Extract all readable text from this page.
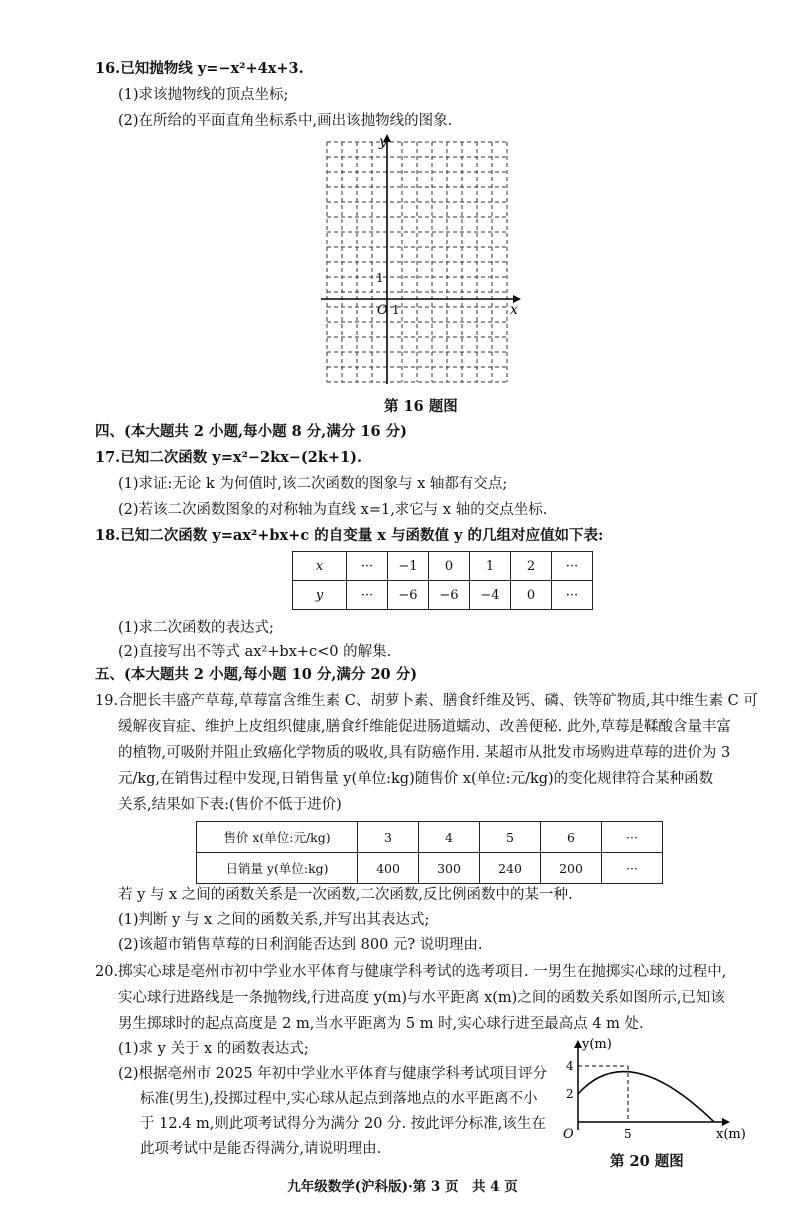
16.已知抛物线 y=−x²+4x+3.
(1)求该抛物线的顶点坐标;
(2)在所给的平面直角坐标系中,画出该抛物线的图象.
x
y
O 1
1
第 16 题图
四、(本大题共 2 小题,每小题 8 分,满分 16 分)
17.已知二次函数 y=x²−2kx−(2k+1).
(1)求证:无论 k 为何值时,该二次函数的图象与 x 轴都有交点;
(2)若该二次函数图象的对称轴为直线 x=1,求它与 x 轴的交点坐标.
18.已知二次函数 y=ax²+bx+c 的自变量 x 与函数值 y 的几组对应值如下表:
x	···	−1	0	1	2	···
y	···	−6	−6	−4	0	···
(1)求二次函数的表达式;
(2)直接写出不等式 ax²+bx+c<0 的解集.
五、(本大题共 2 小题,每小题 10 分,满分 20 分)
19.合肥长丰盛产草莓,草莓富含维生素 C、胡萝卜素、膳食纤维及钙、磷、铁等矿物质,其中维生素 C 可
缓解夜盲症、维护上皮组织健康,膳食纤维能促进肠道蠕动、改善便秘. 此外,草莓是鞣酸含量丰富
的植物,可吸附并阻止致癌化学物质的吸收,具有防癌作用. 某超市从批发市场购进草莓的进价为 3
元/kg,在销售过程中发现,日销售量 y(单位:kg)随售价 x(单位:元/kg)的变化规律符合某种函数
关系,结果如下表:(售价不低于进价)
售价 x(单位:元/kg)	3	4	5	6	···
日销量 y(单位:kg)	400	300	240	200	···
若 y 与 x 之间的函数关系是一次函数,二次函数,反比例函数中的某一种.
(1)判断 y 与 x 之间的函数关系,并写出其表达式;
(2)该超市销售草莓的日利润能否达到 800 元? 说明理由.
20.掷实心球是亳州市初中学业水平体育与健康学科考试的选考项目. 一男生在抛掷实心球的过程中,
实心球行进路线是一条抛物线,行进高度 y(m)与水平距离 x(m)之间的函数关系如图所示,已知该
男生掷球时的起点高度是 2 m,当水平距离为 5 m 时,实心球行进至最高点 4 m 处.
(1)求 y 关于 x 的函数表达式;
(2)根据亳州市 2025 年初中学业水平体育与健康学科考试项目评分
标准(男生),投掷过程中,实心球从起点到落地点的水平距离不小
于 12.4 m,则此项考试得分为满分 20 分. 按此评分标准,该生在
此项考试中是能否得满分,请说明理由.
y(m)
x(m)
O
4
2
5
第 20 题图
九年级数学(沪科版)·第 3 页　共 4 页
